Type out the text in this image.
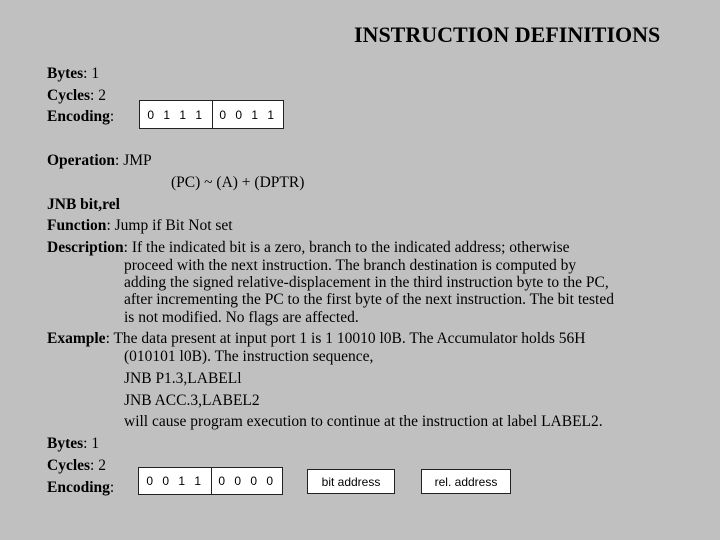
INSTRUCTION DEFINITIONS
Bytes: 1
Cycles: 2
Encoding:	0 1 1 1	0 0 1 1
Operation: JMP
(PC) ~ (A) + (DPTR)
JNB bit,rel
Function: Jump if Bit Not set
Description: If the indicated bit is a zero, branch to the indicated address; otherwise
proceed with the next instruction. The branch destination is computed by
adding the signed relative-displacement in the third instruction byte to the PC,
after incrementing the PC to the first byte of the next instruction. The bit tested
is not modified. No flags are affected.
Example: The data present at input port 1 is 1 10010 l0B. The Accumulator holds 56H
(010101 l0B). The instruction sequence,
JNB P1.3,LABELl
JNB ACC.3,LABEL2
will cause program execution to continue at the instruction at label LABEL2.
Bytes: 1
Cycles: 2
Encoding:	0 0 1 1	0 0 0 0	bit address	rel. address
